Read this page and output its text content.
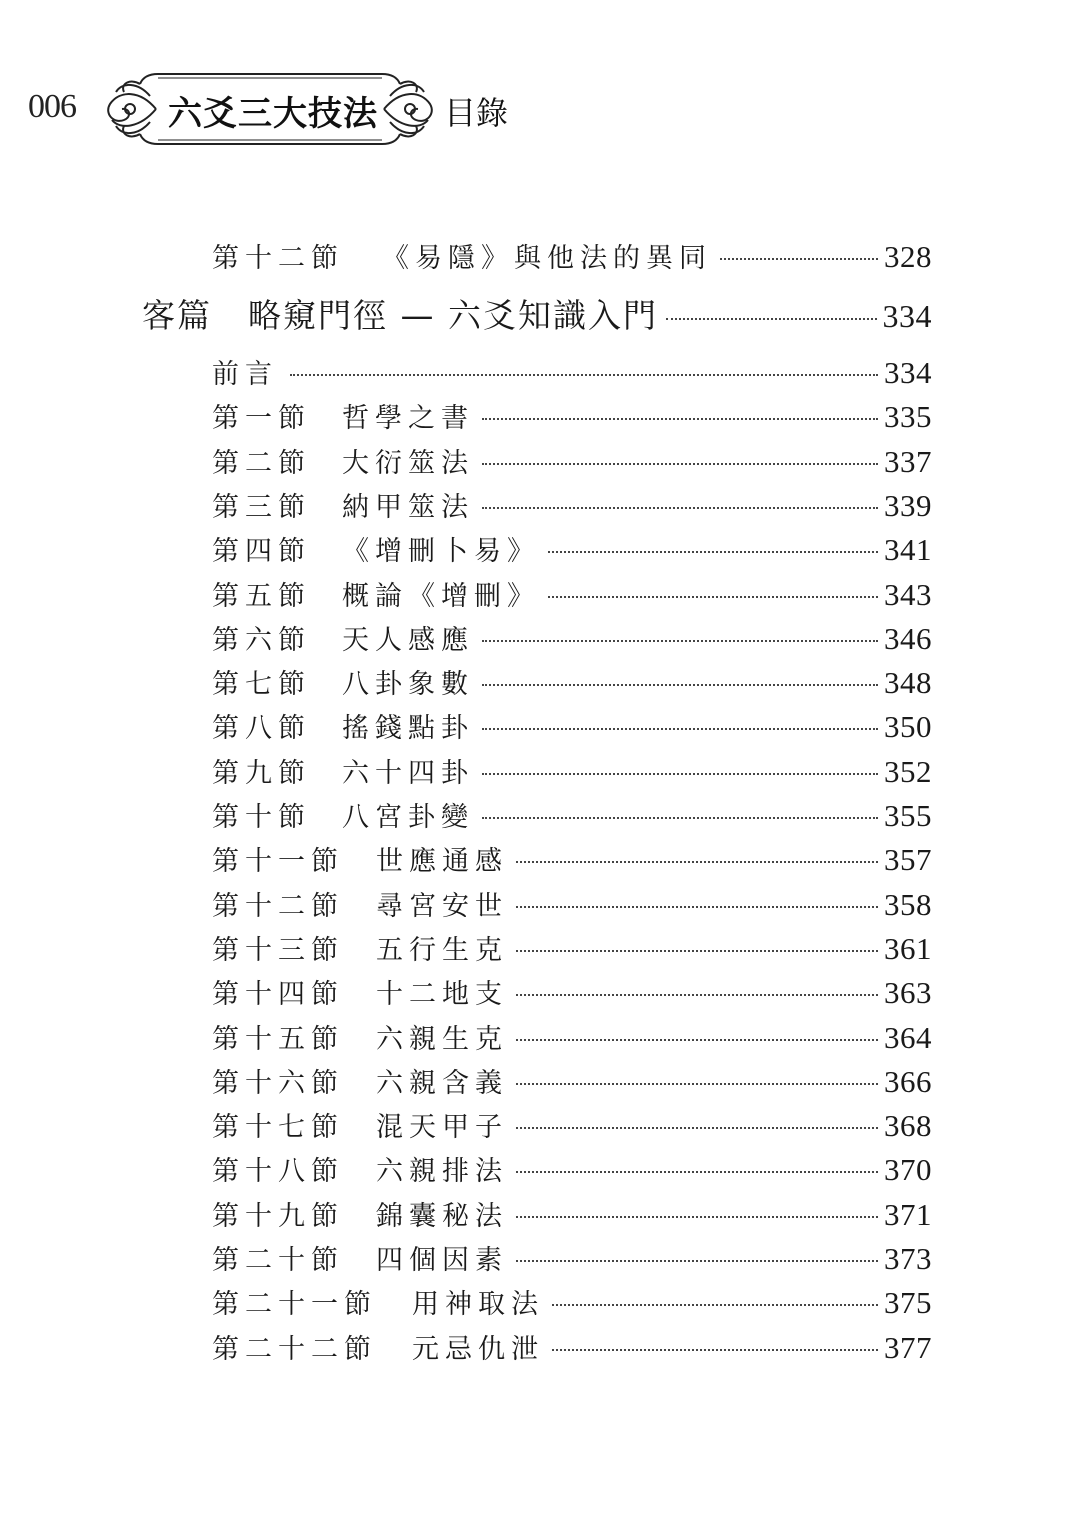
006	六爻三大技法 目錄
第十二節	《易隱》與他法的異同	328
客篇	略窺門徑 — 六爻知識入門	334
前言	334
第一節	哲學之書	335
第二節	大衍筮法	337
第三節	納甲筮法	339
第四節	《增刪卜易》	341
第五節	概論《增刪》	343
第六節	天人感應	346
第七節	八卦象數	348
第八節	搖錢點卦	350
第九節	六十四卦	352
第十節	八宮卦變	355
第十一節	世應通感	357
第十二節	尋宮安世	358
第十三節	五行生克	361
第十四節	十二地支	363
第十五節	六親生克	364
第十六節	六親含義	366
第十七節	混天甲子	368
第十八節	六親排法	370
第十九節	錦囊秘法	371
第二十節	四個因素	373
第二十一節	用神取法	375
第二十二節	元忌仇泄	377
